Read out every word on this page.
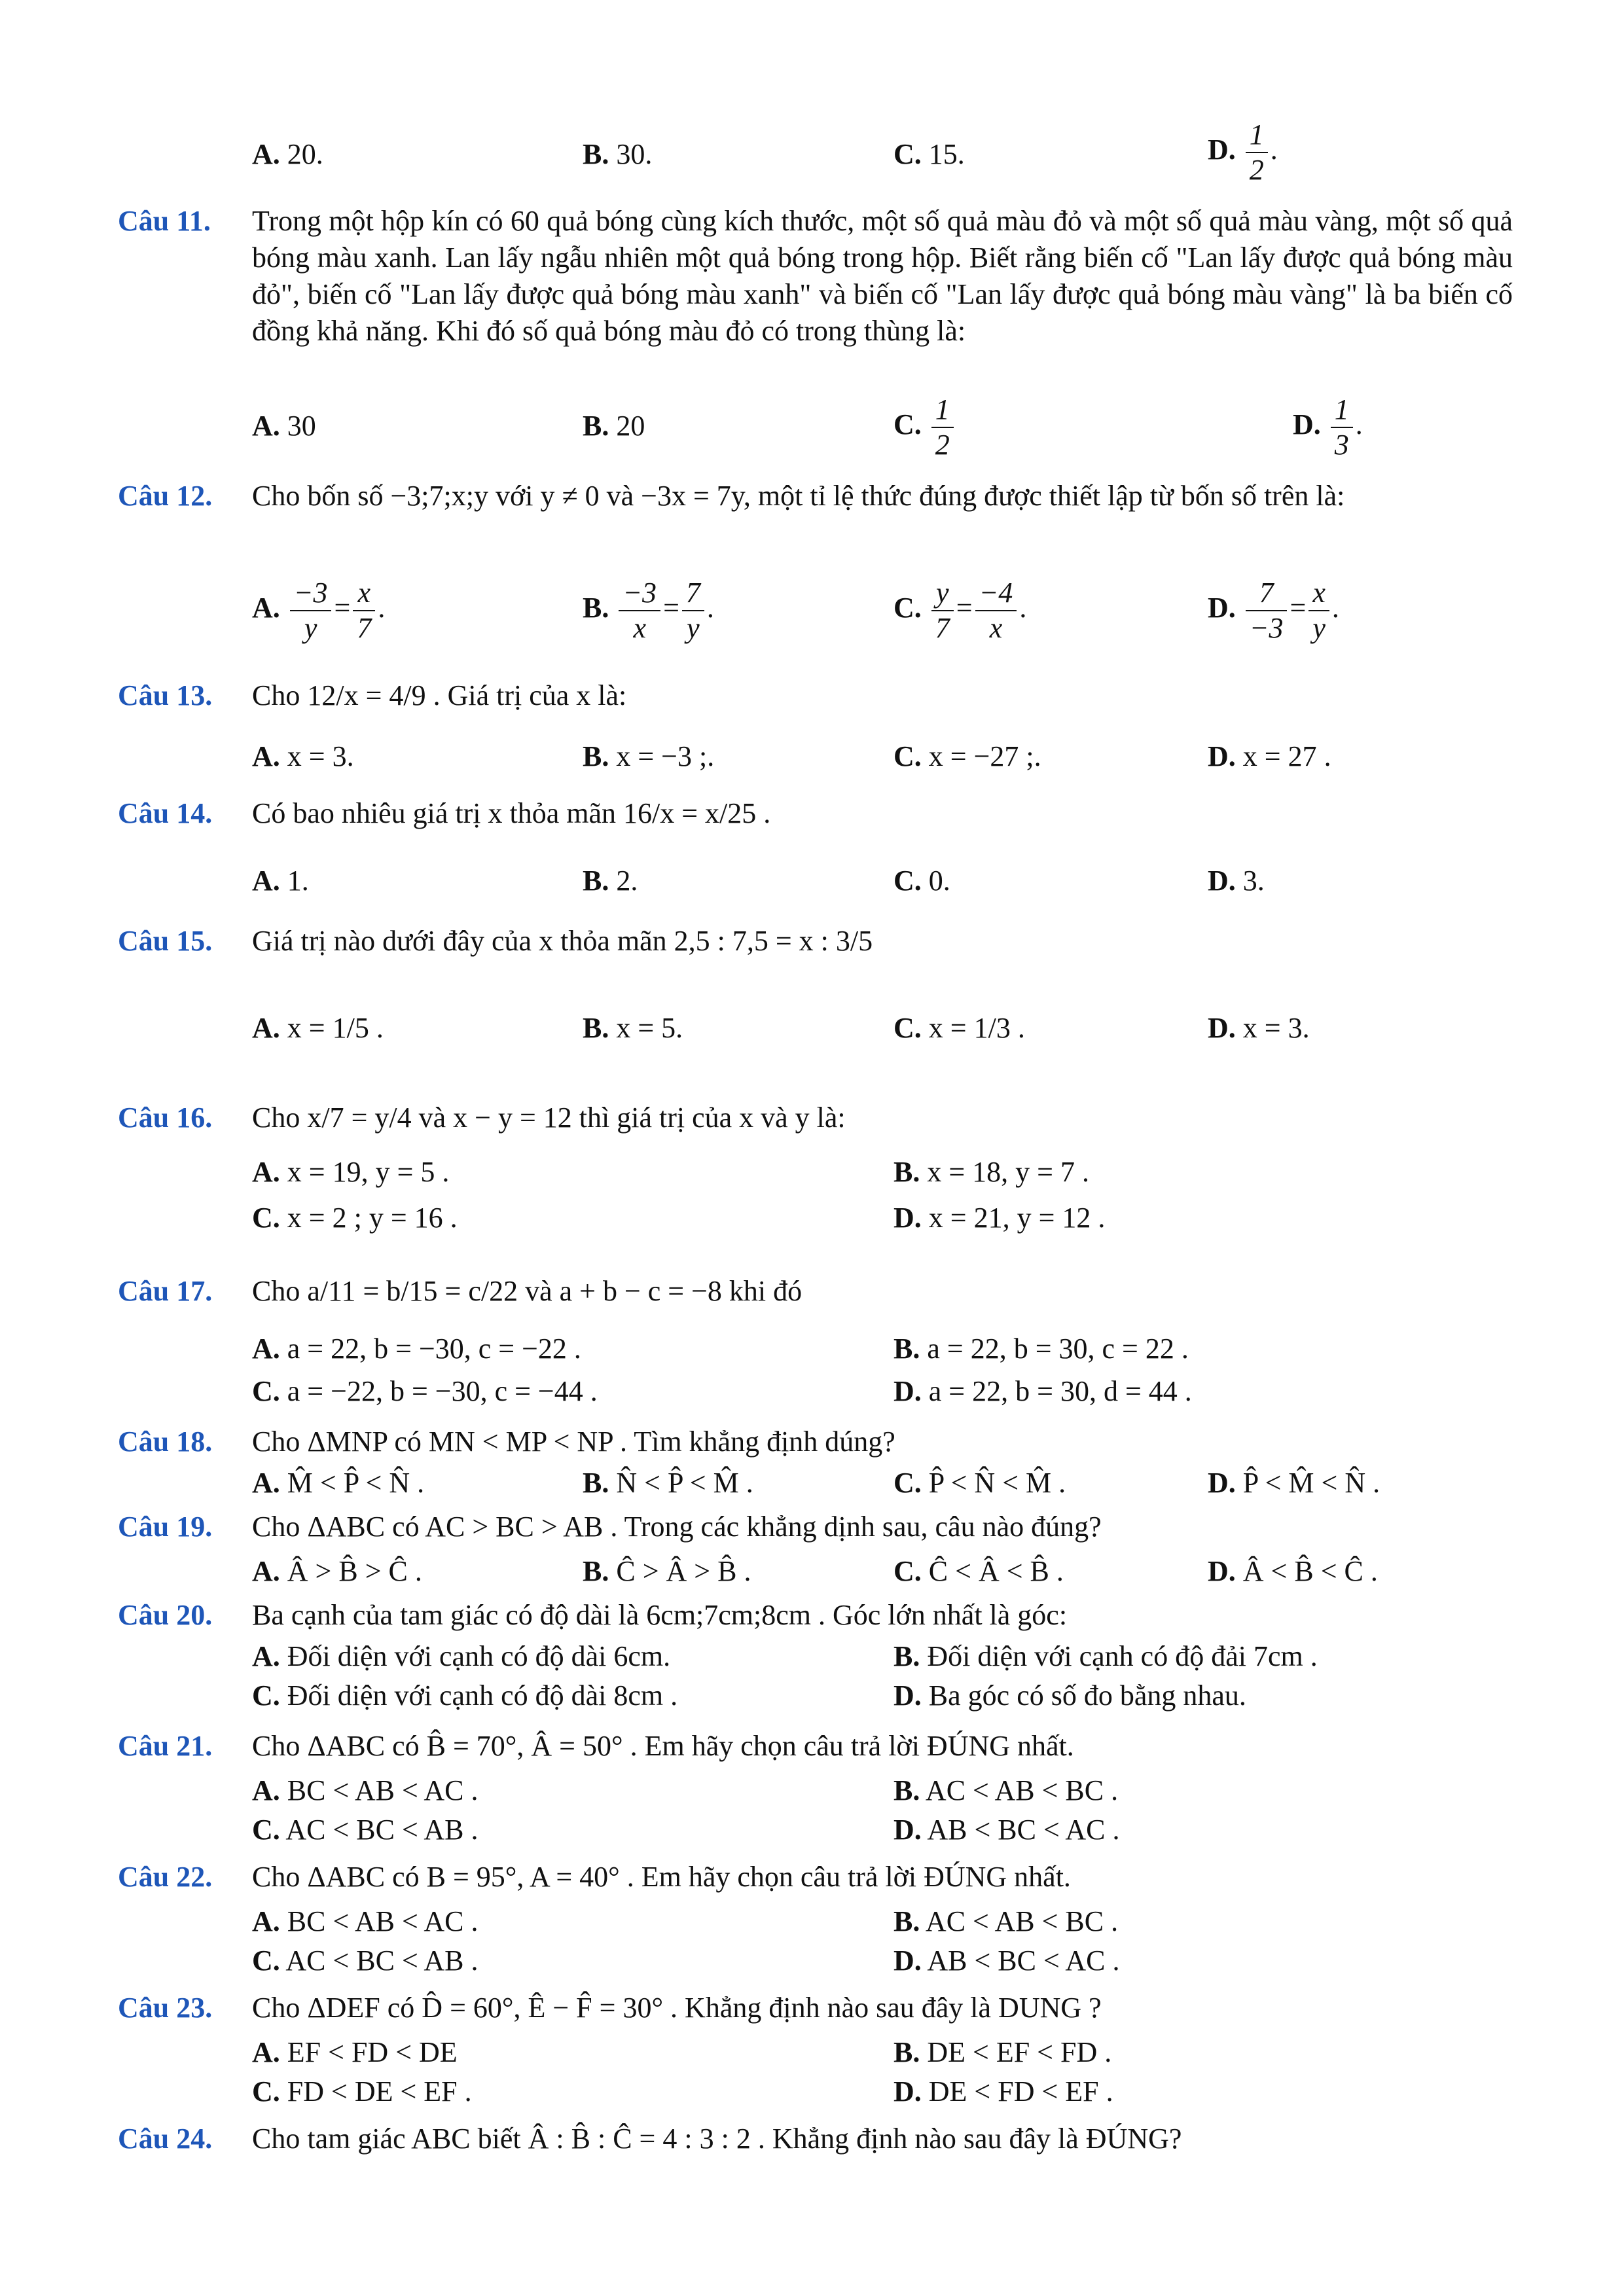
A. 20.	B. 30.	C. 15.	D. $\frac{1}{2}$ .
Câu 11. Trong một hộp kín có 60 quả bóng cùng kích thước, một số quả màu đỏ và một số quả màu vàng, một số quả bóng màu xanh. Lan lấy ngẫu nhiên một quả bóng trong hộp. Biết rằng biến cố "Lan lấy được quả bóng màu đỏ", biến cố "Lan lấy được quả bóng màu xanh" và biến cố "Lan lấy được quả bóng màu vàng" là ba biến cố đồng khả năng. Khi đó số quả bóng màu đỏ có trong thùng là:
A. 30	B. 20	C. $\frac{1}{2}$	D. $\frac{1}{3}$ .
Câu 12. Cho bốn số −3;7;x;y với y ≠ 0 và −3x = 7y, một tỉ lệ thức đúng được thiết lập từ bốn số trên là:
A. $\frac{-3}{y} = \frac{x}{7}$ .	B. $\frac{-3}{x} = \frac{7}{y}$ .	C. $\frac{y}{7} = \frac{-4}{x}$ .	D. $\frac{7}{-3} = \frac{x}{y}$ .
Câu 13. Cho 12/x = 4/9 . Giá trị của x là:
A. x = 3.	B. x = −3 ;.	C. x = −27 ;.	D. x = 27 .
Câu 14. Có bao nhiêu giá trị x thỏa mãn 16/x = x/25 .
A. 1.	B. 2.	C. 0.	D. 3.
Câu 15. Giá trị nào dưới đây của x thỏa mãn 2,5 : 7,5 = x : 3/5
A. x = 1/5 .	B. x = 5.	C. x = 1/3 .	D. x = 3.
Câu 16. Cho x/7 = y/4 và x − y = 12 thì giá trị của x và y là:
A. x = 19, y = 5 .	B. x = 18, y = 7 .
C. x = 2 ; y = 16 .	D. x = 21, y = 12 .
Câu 17. Cho a/11 = b/15 = c/22 và a + b − c = −8 khi đó
A. a = 22, b = −30, c = −22 .	B. a = 22, b = 30, c = 22 .
C. a = −22, b = −30, c = −44 .	D. a = 22, b = 30, d = 44 .
Câu 18. Cho ΔMNP có MN < MP < NP . Tìm khẳng định dúng?
A. M̂ < P̂ < N̂ .	B. N̂ < P̂ < M̂ .	C. P̂ < N̂ < M̂ .	D. P̂ < M̂ < N̂ .
Câu 19. Cho ΔABC có AC > BC > AB . Trong các khẳng dịnh sau, câu nào đúng?
A. Â > B̂ > Ĉ .	B. Ĉ > Â > B̂ .	C. Ĉ < Â < B̂ .	D. Â < B̂ < Ĉ .
Câu 20. Ba cạnh của tam giác có độ dài là 6cm;7cm;8cm . Góc lớn nhất là góc:
A. Đối diện với cạnh có độ dài 6cm.	B. Đối diện với cạnh có độ đải 7cm .
C. Đối diện với cạnh có độ dài 8cm .	D. Ba góc có số đo bằng nhau.
Câu 21. Cho ΔABC có B̂ = 70°, Â = 50° . Em hãy chọn câu trả lời ĐÚNG nhất.
A. BC < AB < AC .	B. AC < AB < BC .
C. AC < BC < AB .	D. AB < BC < AC .
Câu 22. Cho ΔABC có B = 95°, A = 40° . Em hãy chọn câu trả lời ĐÚNG nhất.
A. BC < AB < AC .	B. AC < AB < BC .
C. AC < BC < AB .	D. AB < BC < AC .
Câu 23. Cho ΔDEF có D̂ = 60°, Ê − F̂ = 30° . Khẳng định nào sau đây là DUNG ?
A. EF < FD < DE	B. DE < EF < FD .
C. FD < DE < EF .	D. DE < FD < EF .
Câu 24. Cho tam giác ABC biết Â : B̂ : Ĉ = 4 : 3 : 2 . Khẳng định nào sau đây là ĐÚNG?
